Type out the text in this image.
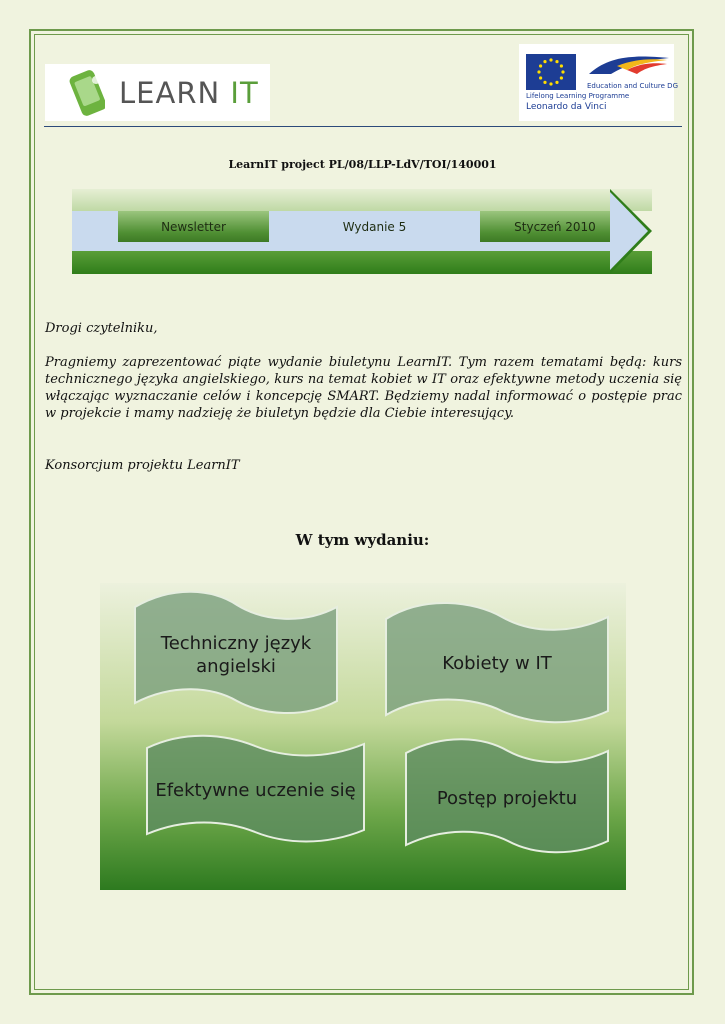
LEARN IT	Education and Culture DG
Lifelong Learning Programme
Leonardo da Vinci
LearnIT project PL/08/LLP-LdV/TOI/140001
Newsletter	Wydanie 5	Styczeń 2010

Drogi czytelniku,

Pragniemy zaprezentować piąte wydanie biuletynu LearnIT. Tym razem tematami będą: kurs technicznego języka angielskiego, kurs na temat kobiet w IT oraz efektywne metody uczenia się włączając wyznaczanie celów i koncepcję SMART. Będziemy nadal informować o postępie prac w projekcie i mamy nadzieję że biuletyn będzie dla Ciebie interesujący.

Konsorcjum projektu LearnIT

W tym wydaniu:
Techniczny język angielski	Kobiety w IT
Efektywne uczenie się	Postęp projektu
